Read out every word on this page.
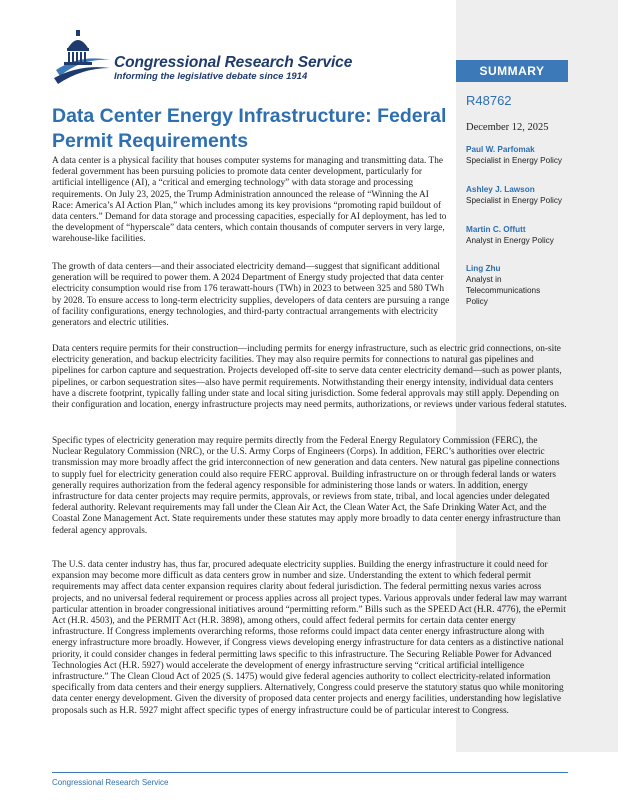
Congressional Research Service
Informing the legislative debate since 1914	SUMMARY
R48762
December 12, 2025
Paul W. Parfomak
Specialist in Energy Policy
Ashley J. Lawson
Specialist in Energy Policy
Martin C. Offutt
Analyst in Energy Policy
Ling Zhu
Analyst in Telecommunications Policy
Data Center Energy Infrastructure: Federal Permit Requirements

A data center is a physical facility that houses computer systems for managing and transmitting data. The federal government has been pursuing policies to promote data center development, particularly for artificial intelligence (AI), a “critical and emerging technology” with data storage and processing requirements. On July 23, 2025, the Trump Administration announced the release of “Winning the AI Race: America’s AI Action Plan,” which includes among its key provisions “promoting rapid buildout of data centers.” Demand for data storage and processing capacities, especially for AI deployment, has led to the development of “hyperscale” data centers, which contain thousands of computer servers in very large, warehouse-like facilities.

The growth of data centers—and their associated electricity demand—suggest that significant additional generation will be required to power them. A 2024 Department of Energy study projected that data center electricity consumption would rise from 176 terawatt-hours (TWh) in 2023 to between 325 and 580 TWh by 2028. To ensure access to long-term electricity supplies, developers of data centers are pursuing a range of facility configurations, energy technologies, and third-party contractual arrangements with electricity generators and electric utilities.

Data centers require permits for their construction—including permits for energy infrastructure, such as electric grid connections, on-site electricity generation, and backup electricity facilities. They may also require permits for connections to natural gas pipelines and pipelines for carbon capture and sequestration. Projects developed off-site to serve data center electricity demand—such as power plants, pipelines, or carbon sequestration sites—also have permit requirements. Notwithstanding their energy intensity, individual data centers have a discrete footprint, typically falling under state and local siting jurisdiction. Some federal approvals may still apply. Depending on their configuration and location, energy infrastructure projects may need permits, authorizations, or reviews under various federal statutes.

Specific types of electricity generation may require permits directly from the Federal Energy Regulatory Commission (FERC), the Nuclear Regulatory Commission (NRC), or the U.S. Army Corps of Engineers (Corps). In addition, FERC’s authorities over electric transmission may more broadly affect the grid interconnection of new generation and data centers. New natural gas pipeline connections to supply fuel for electricity generation could also require FERC approval. Building infrastructure on or through federal lands or waters generally requires authorization from the federal agency responsible for administering those lands or waters. In addition, energy infrastructure for data center projects may require permits, approvals, or reviews from state, tribal, and local agencies under delegated federal authority. Relevant requirements may fall under the Clean Air Act, the Clean Water Act, the Safe Drinking Water Act, and the Coastal Zone Management Act. State requirements under these statutes may apply more broadly to data center energy infrastructure than federal agency approvals.

The U.S. data center industry has, thus far, procured adequate electricity supplies. Building the energy infrastructure it could need for expansion may become more difficult as data centers grow in number and size. Understanding the extent to which federal permit requirements may affect data center expansion requires clarity about federal jurisdiction. The federal permitting nexus varies across projects, and no universal federal requirement or process applies across all project types. Various approvals under federal law may warrant particular attention in broader congressional initiatives around “permitting reform.” Bills such as the SPEED Act (H.R. 4776), the ePermit Act (H.R. 4503), and the PERMIT Act (H.R. 3898), among others, could affect federal permits for certain data center energy infrastructure. If Congress implements overarching reforms, those reforms could impact data center energy infrastructure along with energy infrastructure more broadly. However, if Congress views developing energy infrastructure for data centers as a distinctive national priority, it could consider changes in federal permitting laws specific to this infrastructure. The Securing Reliable Power for Advanced Technologies Act (H.R. 5927) would accelerate the development of energy infrastructure serving “critical artificial intelligence infrastructure.” The Clean Cloud Act of 2025 (S. 1475) would give federal agencies authority to collect electricity-related information specifically from data centers and their energy suppliers. Alternatively, Congress could preserve the statutory status quo while monitoring data center energy development. Given the diversity of proposed data center projects and energy facilities, understanding how legislative proposals such as H.R. 5927 might affect specific types of energy infrastructure could be of particular interest to Congress.

Congressional Research Service
